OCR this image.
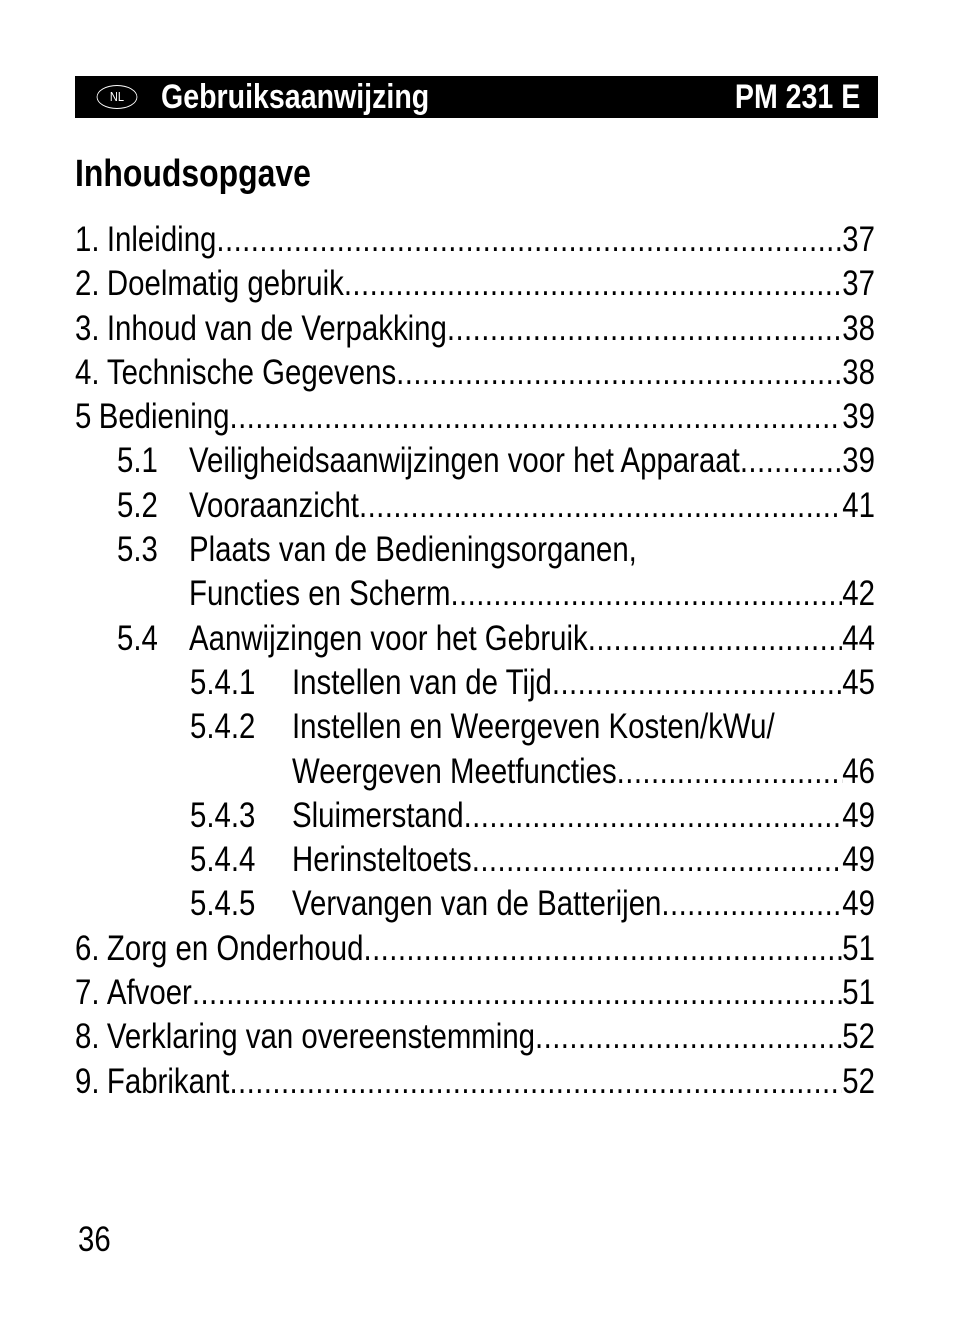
NL	Gebruiksaanwijzing	PM 231 E
Inhoudsopgave
1. Inleiding .....	37
2. Doelmatig gebruik .....	37
3. Inhoud van de Verpakking .....	38
4. Technische Gegevens .....	38
5 Bediening .....	39
5.1 Veiligheidsaanwijzingen voor het Apparaat .....	39
5.2 Vooraanzicht .....	41
5.3 Plaats van de Bedieningsorganen,
Functies en Scherm .....	42
5.4 Aanwijzingen voor het Gebruik .....	44
5.4.1	Instellen van de Tijd .....	45
5.4.2	Instellen en Weergeven Kosten/kWu/
Weergeven Meetfuncties .....	46
5.4.3	Sluimerstand .....	49
5.4.4	Herinsteltoets .....	49
5.4.5	Vervangen van de Batterijen .....	49
6. Zorg en Onderhoud .....	51
7. Afvoer .....	51
8. Verklaring van overeenstemming .....	52
9. Fabrikant .....	52
36
